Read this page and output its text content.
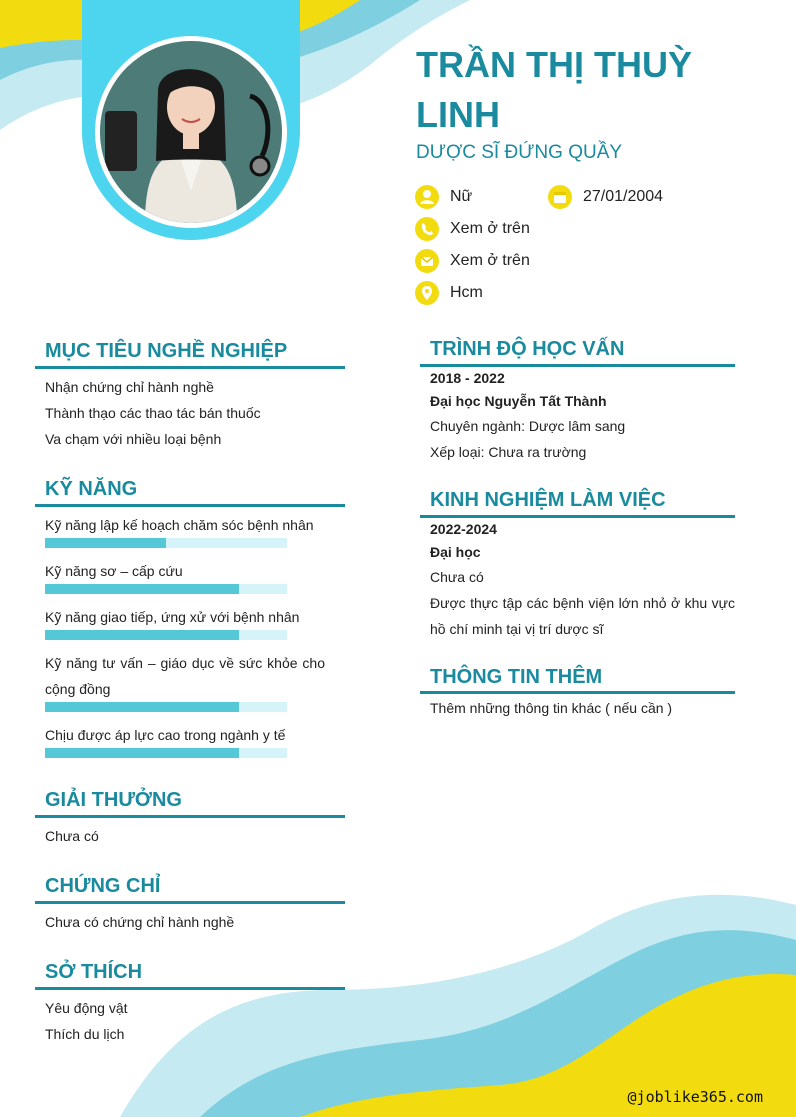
TRẦN THỊ THUỲ LINH
DƯỢC SĨ ĐỨNG QUẦY
Nữ	27/01/2004
Xem ở trên
Xem ở trên
Hcm
MỤC TIÊU NGHỀ NGHIỆP
Nhận chứng chỉ hành nghề
Thành thạo các thao tác bán thuốc
Va chạm với nhiều loại bệnh
KỸ NĂNG
Kỹ năng lập kế hoạch chăm sóc bệnh nhân
Kỹ năng sơ – cấp cứu
Kỹ năng giao tiếp, ứng xử với bệnh nhân
Kỹ năng tư vấn – giáo dục về sức khỏe cho cộng đồng
Chịu được áp lực cao trong ngành y tế
GIẢI THƯỞNG
Chưa có
CHỨNG CHỈ
Chưa có chứng chỉ hành nghề
SỞ THÍCH
Yêu động vật
Thích du lịch
TRÌNH ĐỘ HỌC VẤN
2018 - 2022
Đại học Nguyễn Tất Thành
Chuyên ngành: Dược lâm sang
Xếp loại: Chưa ra trường
KINH NGHIỆM LÀM VIỆC
2022-2024
Đại học
Chưa có
Được thực tập các bệnh viện lớn nhỏ ở khu vực hồ chí minh tại vị trí dược sĩ
THÔNG TIN THÊM
Thêm những thông tin khác ( nếu cần )
@joblike365.com
